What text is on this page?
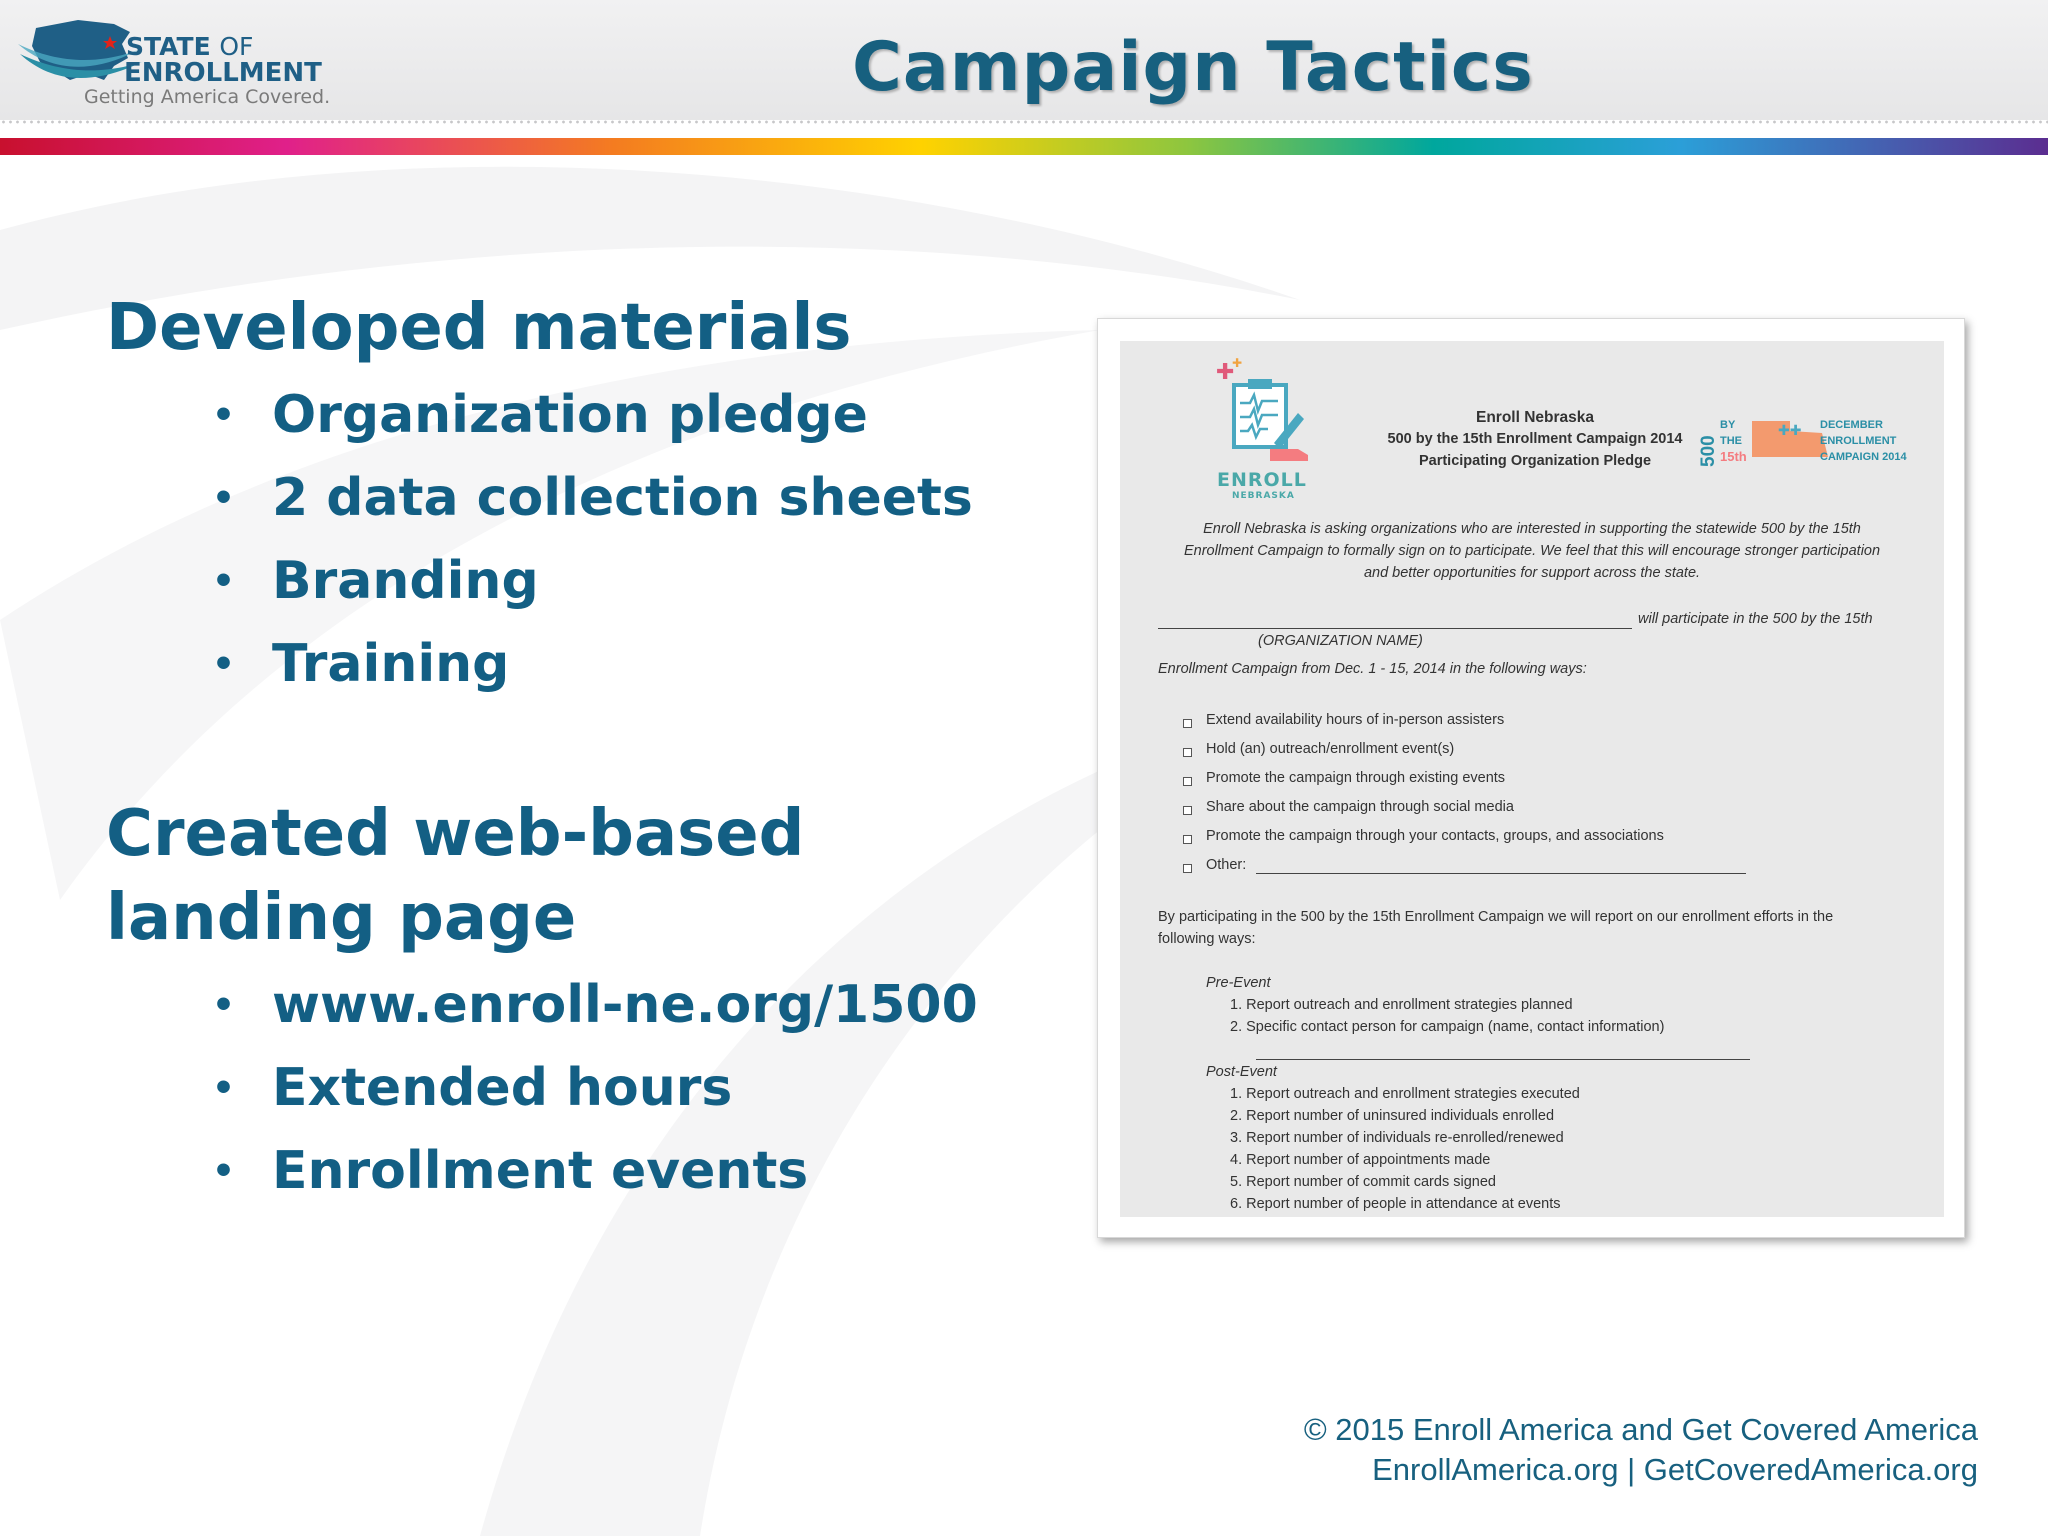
STATE OF
ENROLLMENT
Getting America Covered.	Campaign Tactics
Developed materials
• Organization pledge
• 2 data collection sheets
• Branding
• Training
Created web-based
landing page
• www.enroll-ne.org/1500
• Extended hours
• Enrollment events
✚
✚
ENROLL
NEBRASKA
Enroll Nebraska
500 by the 15th Enrollment Campaign 2014
Participating Organization Pledge	500
BY
THE
15th
✚✚ DECEMBER
ENROLLMENT
CAMPAIGN 2014
Enroll Nebraska is asking organizations who are interested in supporting the statewide 500 by the 15th
Enrollment Campaign to formally sign on to participate. We feel that this will encourage stronger participation
and better opportunities for support across the state.
will participate in the 500 by the 15th
(ORGANIZATION NAME)
Enrollment Campaign from Dec. 1 - 15, 2014 in the following ways:
Extend availability hours of in-person assisters
Hold (an) outreach/enrollment event(s)
Promote the campaign through existing events
Share about the campaign through social media
Promote the campaign through your contacts, groups, and associations
Other:
By participating in the 500 by the 15th Enrollment Campaign we will report on our enrollment efforts in the
following ways:
Pre-Event
1. Report outreach and enrollment strategies planned
2. Specific contact person for campaign (name, contact information)
Post-Event
1. Report outreach and enrollment strategies executed
2. Report number of uninsured individuals enrolled
3. Report number of individuals re-enrolled/renewed
4. Report number of appointments made
5. Report number of commit cards signed
6. Report number of people in attendance at events
© 2015 Enroll America and Get Covered America
EnrollAmerica.org | GetCoveredAmerica.org
